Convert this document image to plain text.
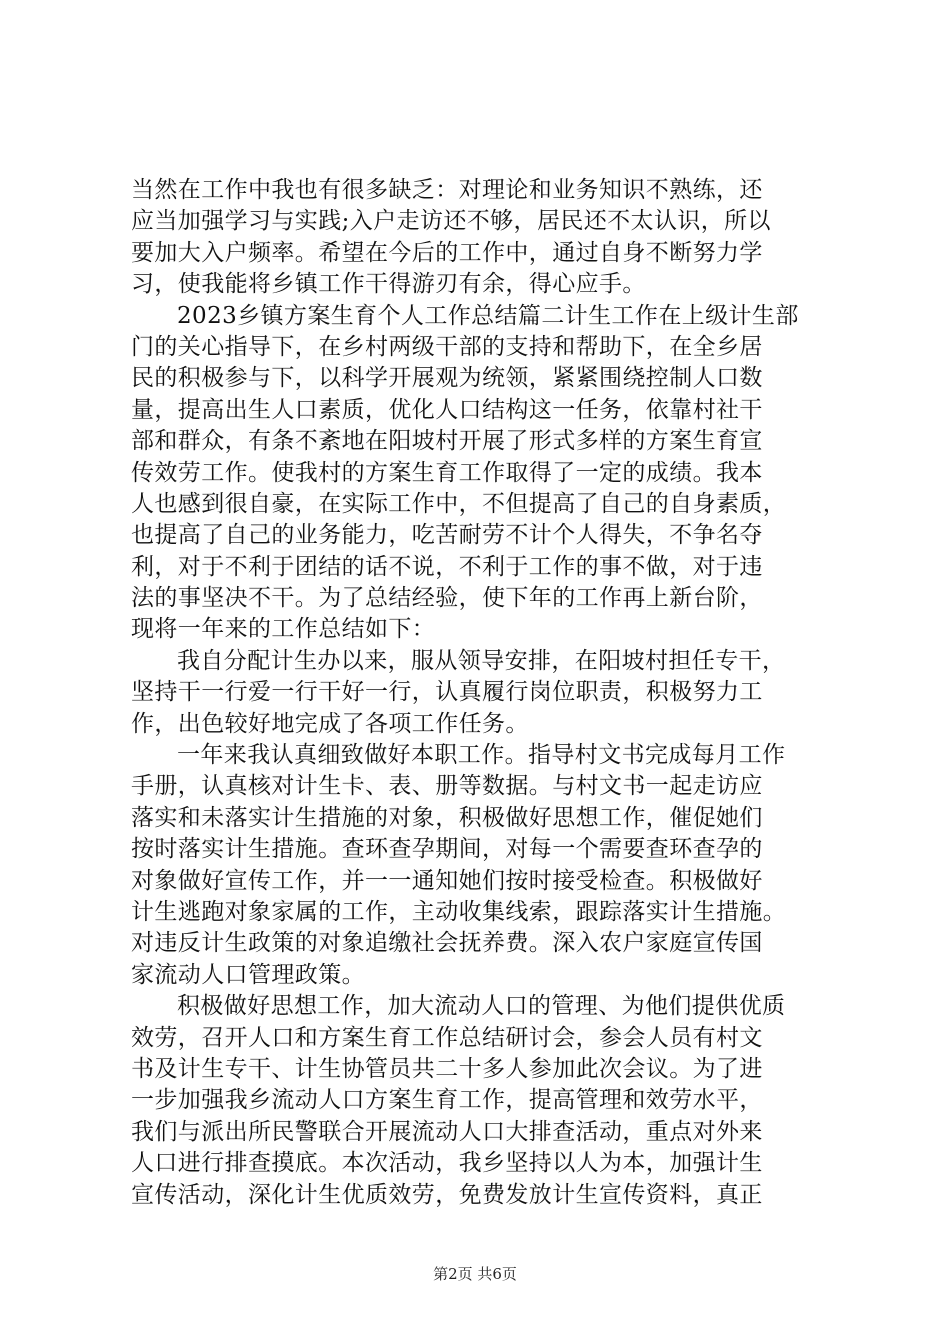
当然在工作中我也有很多缺乏：对理论和业务知识不熟练，还
应当加强学习与实践;入户走访还不够，居民还不太认识，所以
要加大入户频率。希望在今后的工作中，通过自身不断努力学
习，使我能将乡镇工作干得游刃有余，得心应手。
2023乡镇方案生育个人工作总结篇二计生工作在上级计生部
门的关心指导下，在乡村两级干部的支持和帮助下，在全乡居
民的积极参与下，以科学开展观为统领，紧紧围绕控制人口数
量，提高出生人口素质，优化人口结构这一任务，依靠村社干
部和群众，有条不紊地在阳坡村开展了形式多样的方案生育宣
传效劳工作。使我村的方案生育工作取得了一定的成绩。我本
人也感到很自豪，在实际工作中，不但提高了自己的自身素质，
也提高了自己的业务能力，吃苦耐劳不计个人得失，不争名夺
利，对于不利于团结的话不说，不利于工作的事不做，对于违
法的事坚决不干。为了总结经验，使下年的工作再上新台阶，
现将一年来的工作总结如下：
我自分配计生办以来，服从领导安排，在阳坡村担任专干，
坚持干一行爱一行干好一行，认真履行岗位职责，积极努力工
作，出色较好地完成了各项工作任务。
一年来我认真细致做好本职工作。指导村文书完成每月工作
手册，认真核对计生卡、表、册等数据。与村文书一起走访应
落实和未落实计生措施的对象，积极做好思想工作，催促她们
按时落实计生措施。查环查孕期间，对每一个需要查环查孕的
对象做好宣传工作，并一一通知她们按时接受检查。积极做好
计生逃跑对象家属的工作，主动收集线索，跟踪落实计生措施。
对违反计生政策的对象追缴社会抚养费。深入农户家庭宣传国
家流动人口管理政策。
积极做好思想工作，加大流动人口的管理、为他们提供优质
效劳，召开人口和方案生育工作总结研讨会，参会人员有村文
书及计生专干、计生协管员共二十多人参加此次会议。为了进
一步加强我乡流动人口方案生育工作，提高管理和效劳水平，
我们与派出所民警联合开展流动人口大排查活动，重点对外来
人口进行排查摸底。本次活动，我乡坚持以人为本，加强计生
宣传活动，深化计生优质效劳，免费发放计生宣传资料，真正
第2页 共6页
